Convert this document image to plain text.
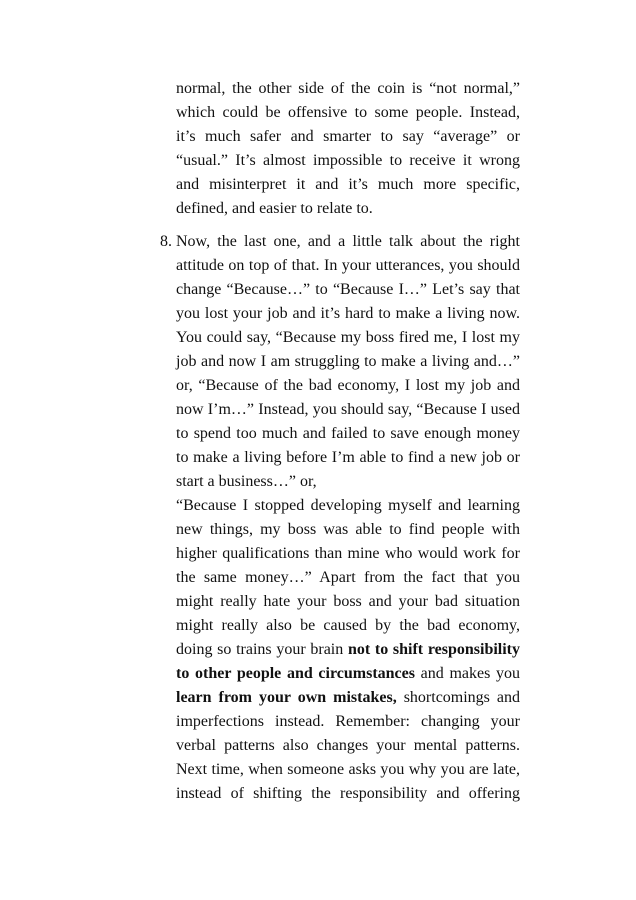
normal, the other side of the coin is “not normal,”
which could be offensive to some people. Instead,
it’s much safer and smarter to say “average” or
“usual.” It’s almost impossible to receive it wrong
and misinterpret it and it’s much more specific,
defined, and easier to relate to.
8. Now, the last one, and a little talk about the right
attitude on top of that. In your utterances, you should
change “Because…” to “Because I…” Let’s say that
you lost your job and it’s hard to make a living now.
You could say, “Because my boss fired me, I lost my
job and now I am struggling to make a living and…”
or, “Because of the bad economy, I lost my job and
now I’m…” Instead, you should say, “Because I used
to spend too much and failed to save enough money
to make a living before I’m able to find a new job or
start a business…” or,
“Because I stopped developing myself and learning
new things, my boss was able to find people with
higher qualifications than mine who would work for
the same money…” Apart from the fact that you
might really hate your boss and your bad situation
might really also be caused by the bad economy,
doing so trains your brain not to shift responsibility
to other people and circumstances and makes you
learn from your own mistakes, shortcomings and
imperfections instead. Remember: changing your
verbal patterns also changes your mental patterns.
Next time, when someone asks you why you are late,
instead of shifting the responsibility and offering
